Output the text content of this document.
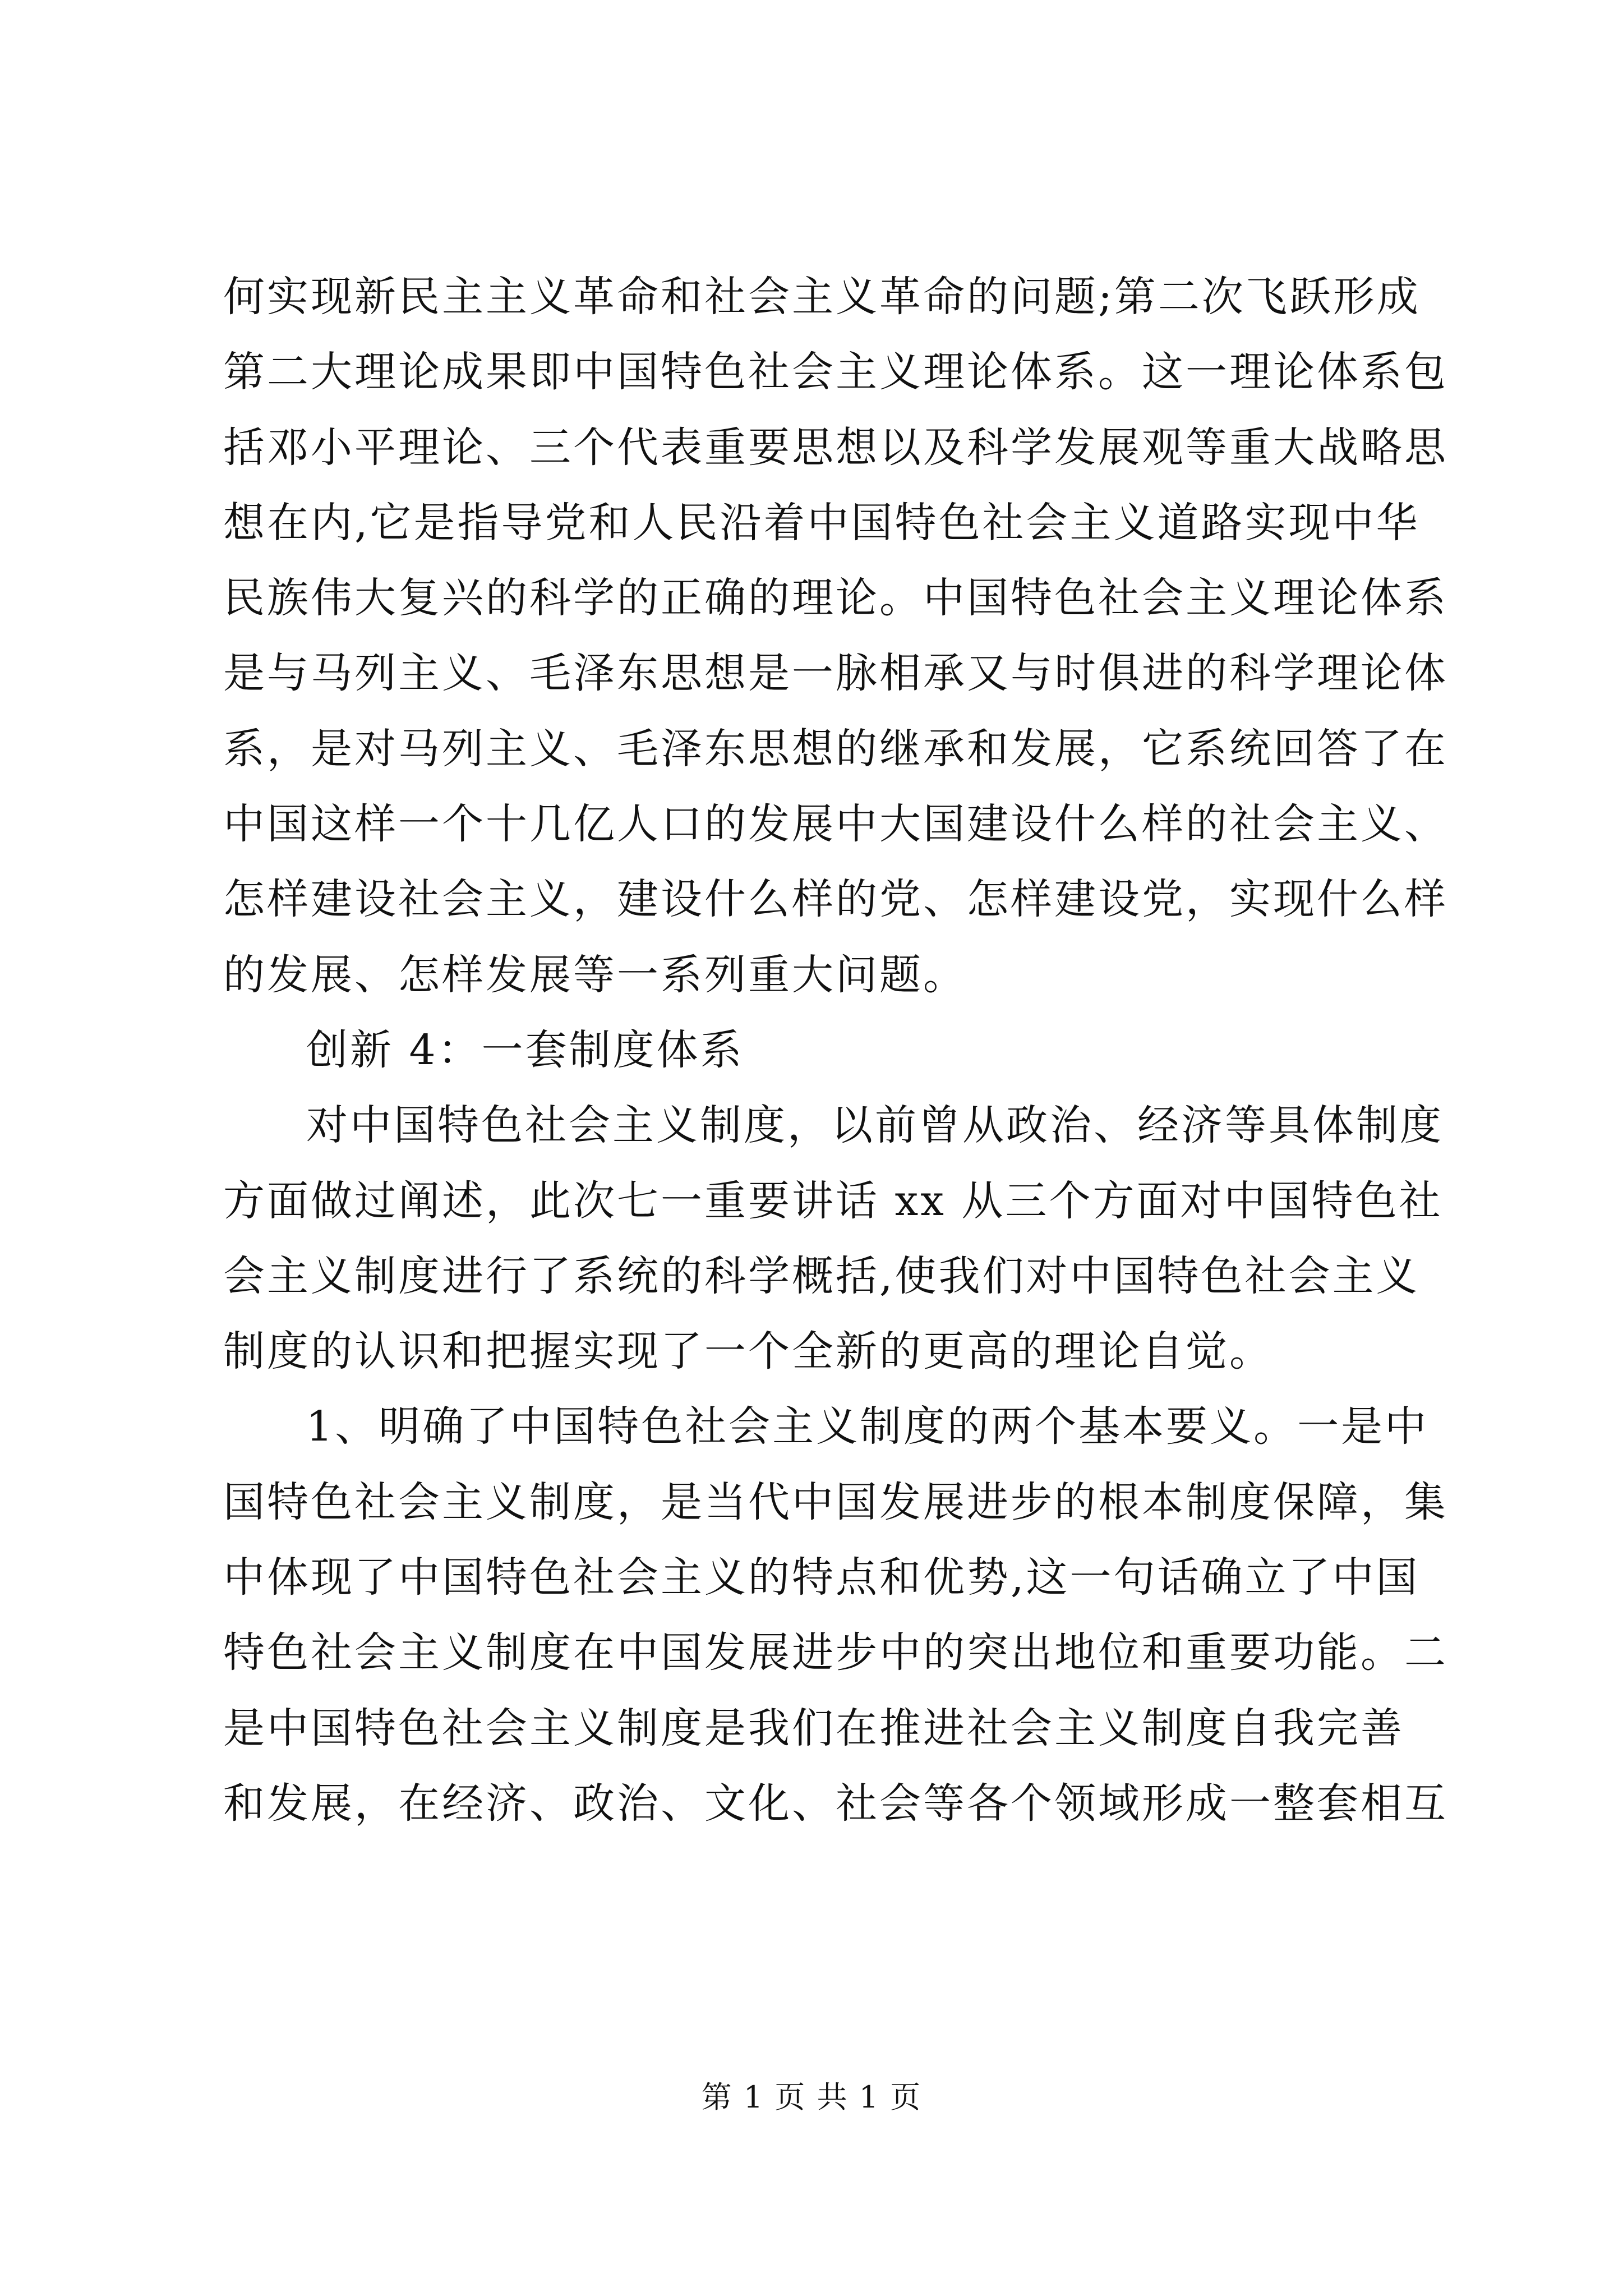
何实现新民主主义革命和社会主义革命的问题;第二次飞跃形成
第二大理论成果即中国特色社会主义理论体系。这一理论体系包
括邓小平理论、三个代表重要思想以及科学发展观等重大战略思
想在内,它是指导党和人民沿着中国特色社会主义道路实现中华
民族伟大复兴的科学的正确的理论。中国特色社会主义理论体系
是与马列主义、毛泽东思想是一脉相承又与时俱进的科学理论体
系，是对马列主义、毛泽东思想的继承和发展，它系统回答了在
中国这样一个十几亿人口的发展中大国建设什么样的社会主义、
怎样建设社会主义，建设什么样的党、怎样建设党，实现什么样
的发展、怎样发展等一系列重大问题。
创新 4：一套制度体系
对中国特色社会主义制度，以前曾从政治、经济等具体制度
方面做过阐述，此次七一重要讲话 xx 从三个方面对中国特色社
会主义制度进行了系统的科学概括,使我们对中国特色社会主义
制度的认识和把握实现了一个全新的更高的理论自觉。
1、明确了中国特色社会主义制度的两个基本要义。一是中
国特色社会主义制度，是当代中国发展进步的根本制度保障，集
中体现了中国特色社会主义的特点和优势,这一句话确立了中国
特色社会主义制度在中国发展进步中的突出地位和重要功能。二
是中国特色社会主义制度是我们在推进社会主义制度自我完善
和发展，在经济、政治、文化、社会等各个领域形成一整套相互
第 1 页 共 1 页
